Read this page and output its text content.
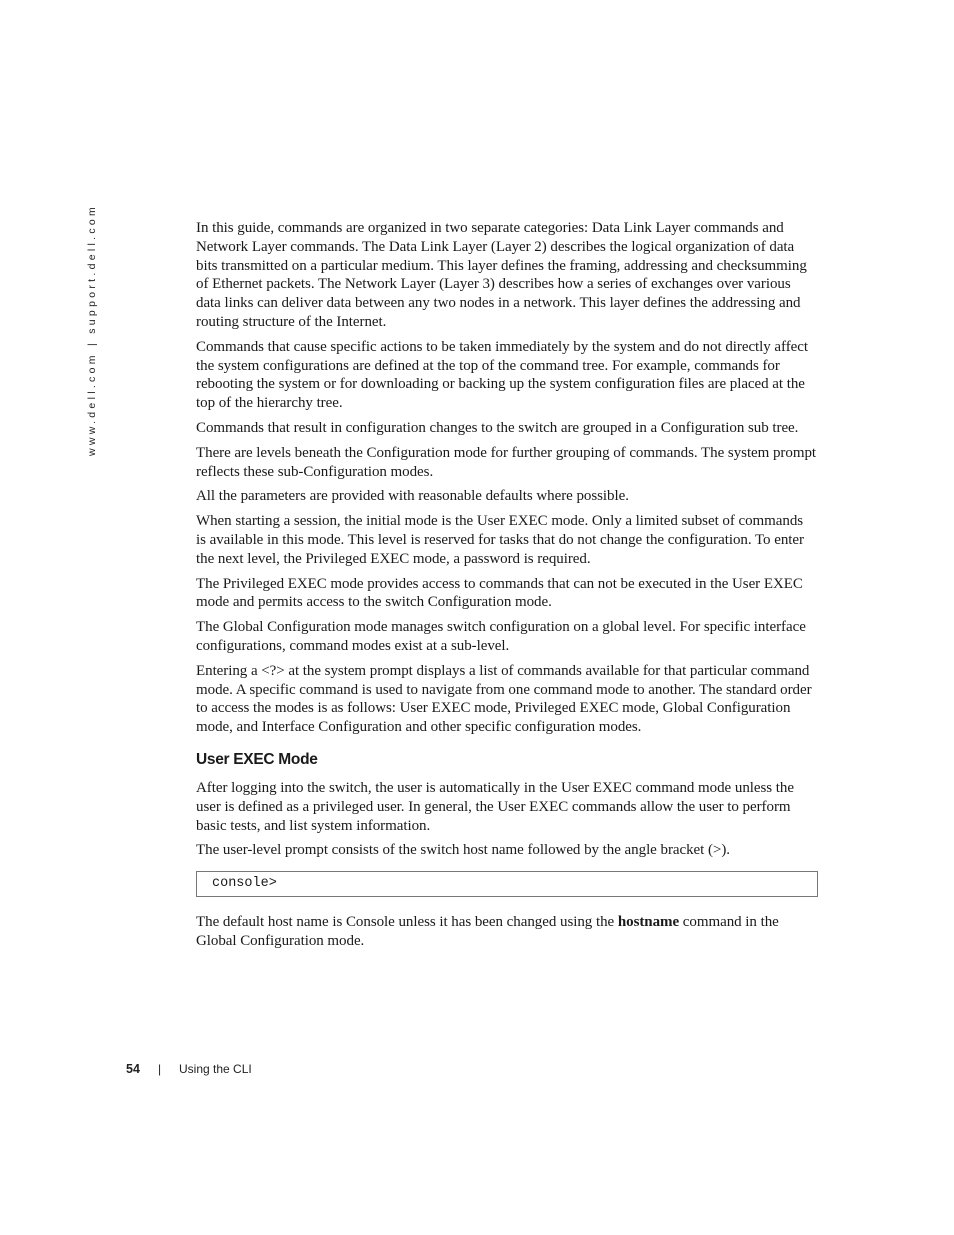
www.dell.com | support.dell.com	In this guide, commands are organized in two separate categories: Data Link Layer commands and Network Layer commands. The Data Link Layer (Layer 2) describes the logical organization of data bits transmitted on a particular medium. This layer defines the framing, addressing and checksumming of Ethernet packets. The Network Layer (Layer 3) describes how a series of exchanges over various data links can deliver data between any two nodes in a network. This layer defines the addressing and routing structure of the Internet.

Commands that cause specific actions to be taken immediately by the system and do not directly affect the system configurations are defined at the top of the command tree. For example, commands for rebooting the system or for downloading or backing up the system configuration files are placed at the top of the hierarchy tree.

Commands that result in configuration changes to the switch are grouped in a Configuration sub tree.

There are levels beneath the Configuration mode for further grouping of commands. The system prompt reflects these sub-Configuration modes.

All the parameters are provided with reasonable defaults where possible.

When starting a session, the initial mode is the User EXEC mode. Only a limited subset of commands is available in this mode. This level is reserved for tasks that do not change the configuration. To enter the next level, the Privileged EXEC mode, a password is required.

The Privileged EXEC mode provides access to commands that can not be executed in the User EXEC mode and permits access to the switch Configuration mode.

The Global Configuration mode manages switch configuration on a global level. For specific interface configurations, command modes exist at a sub-level.

Entering a <?> at the system prompt displays a list of commands available for that particular command mode. A specific command is used to navigate from one command mode to another. The standard order to access the modes is as follows: User EXEC mode, Privileged EXEC mode, Global Configuration mode, and Interface Configuration and other specific configuration modes.

User EXEC Mode

After logging into the switch, the user is automatically in the User EXEC command mode unless the user is defined as a privileged user. In general, the User EXEC commands allow the user to perform basic tests, and list system information.

The user-level prompt consists of the switch host name followed by the angle bracket (>).

console>

The default host name is Console unless it has been changed using the hostname command in the Global Configuration mode.

54 | Using the CLI
